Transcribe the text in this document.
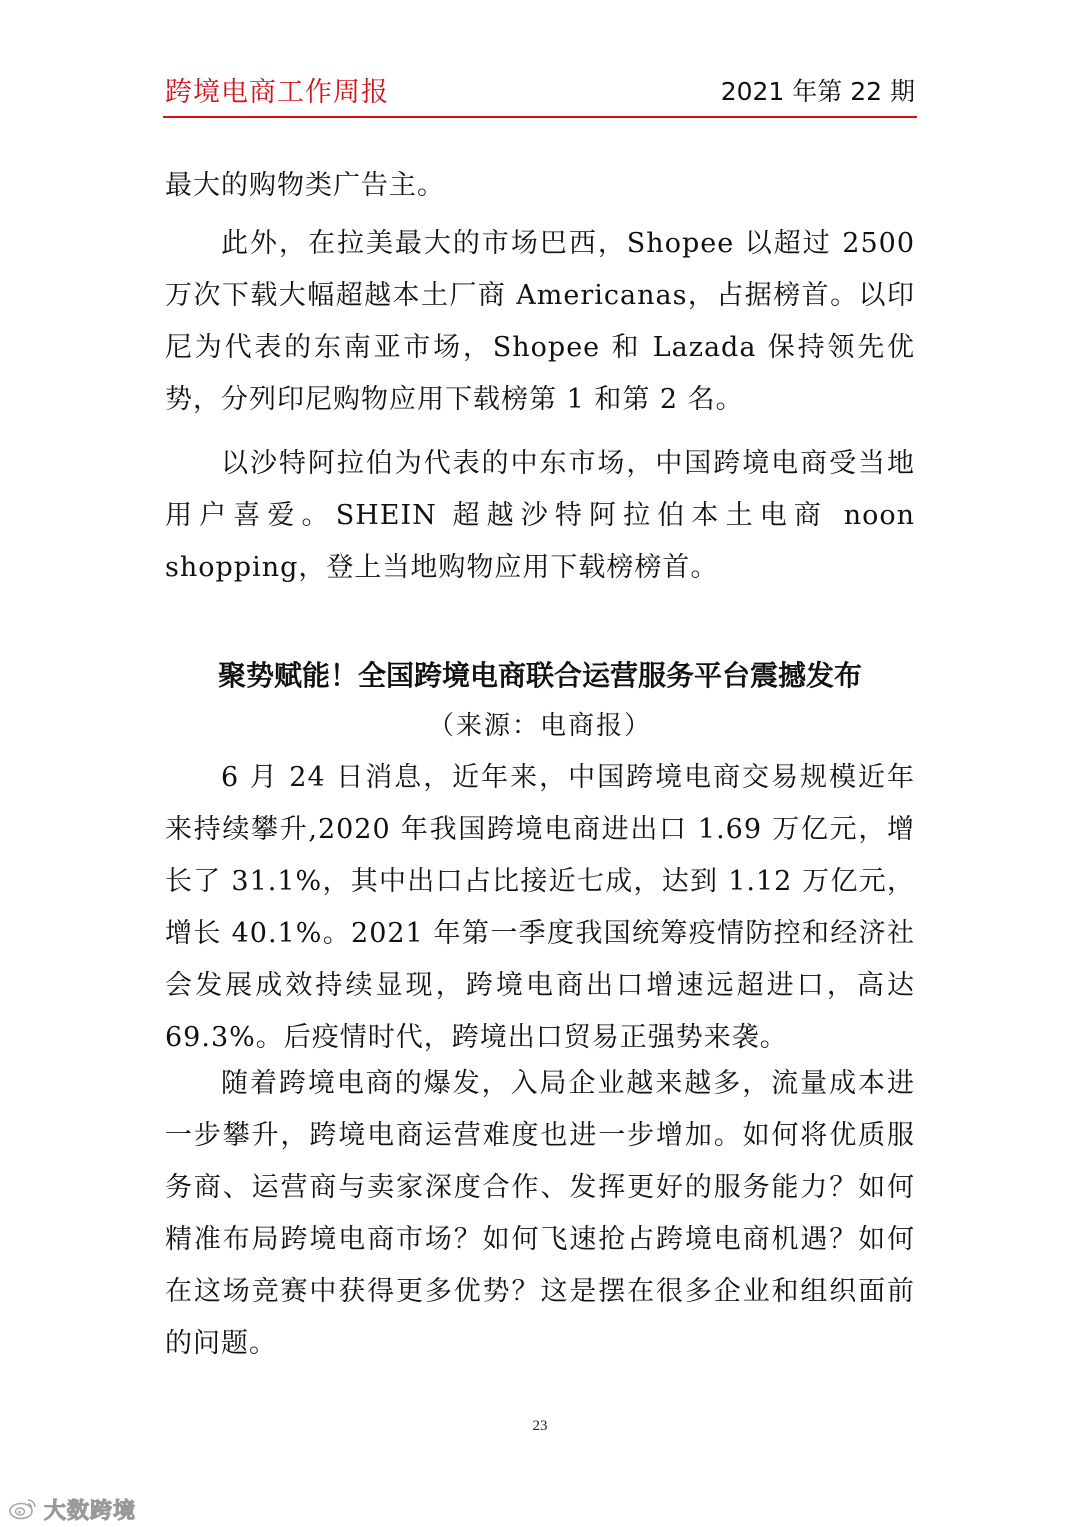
跨境电商工作周报	2021 年第 22 期

最大的购物类广告主。

此外，在拉美最大的市场巴西，Shopee 以超过 2500 万次下载大幅超越本土厂商 Americanas，占据榜首。以印尼为代表的东南亚市场，Shopee 和 Lazada 保持领先优势，分列印尼购物应用下载榜第 1 和第 2 名。

以沙特阿拉伯为代表的中东市场，中国跨境电商受当地用户喜爱。SHEIN 超越沙特阿拉伯本土电商 noon shopping，登上当地购物应用下载榜榜首。

聚势赋能！全国跨境电商联合运营服务平台震撼发布
（来源：电商报）

6 月 24 日消息，近年来，中国跨境电商交易规模近年来持续攀升,2020 年我国跨境电商进出口 1.69 万亿元，增长了 31.1%，其中出口占比接近七成，达到 1.12 万亿元，增长 40.1%。2021 年第一季度我国统筹疫情防控和经济社会发展成效持续显现，跨境电商出口增速远超进口，高达 69.3%。后疫情时代，跨境出口贸易正强势来袭。

随着跨境电商的爆发，入局企业越来越多，流量成本进一步攀升，跨境电商运营难度也进一步增加。如何将优质服务商、运营商与卖家深度合作、发挥更好的服务能力？如何精准布局跨境电商市场？如何飞速抢占跨境电商机遇？如何在这场竞赛中获得更多优势？这是摆在很多企业和组织面前的问题。

23
大数跨境
